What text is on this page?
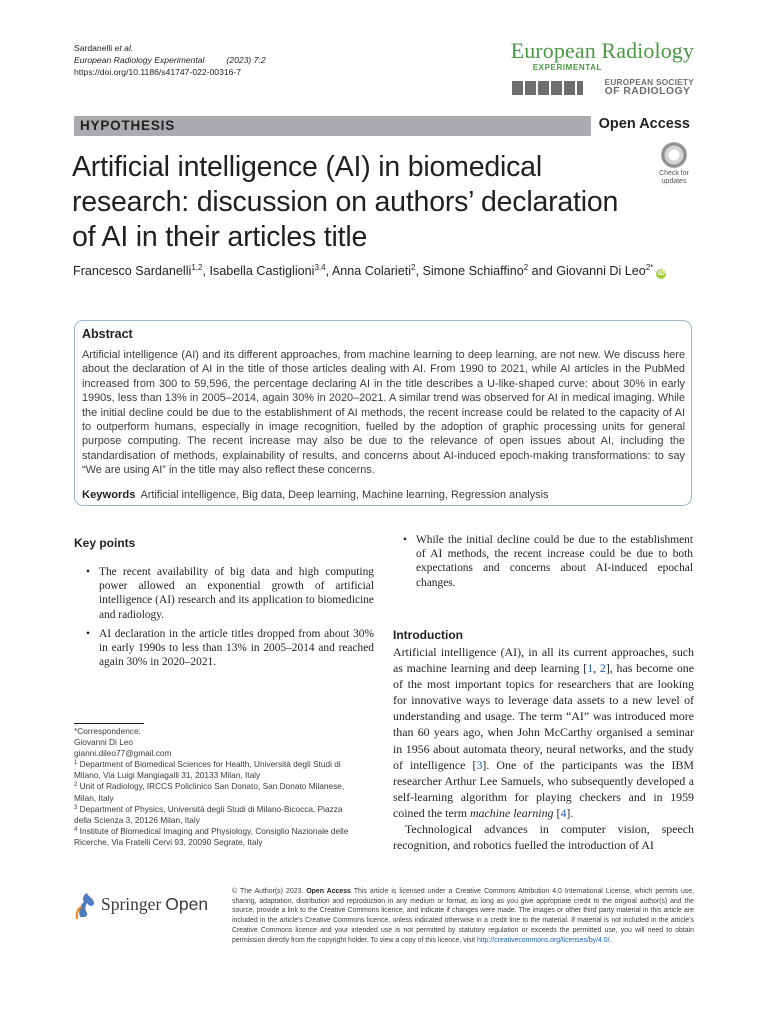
Sardanelli et al.
European Radiology Experimental	(2023) 7:2
https://doi.org/10.1186/s41747-022-00316-7
European Radiology
EXPERIMENTAL
EUROPEAN SOCIETY
OF RADIOLOGY
HYPOTHESIS	Open Access
Artificial intelligence (AI) in biomedical research: discussion on authors’ declaration of AI in their articles title
Check for
updates
Francesco Sardanelli$^{1,2}$, Isabella Castiglioni$^{3,4}$, Anna Colarieti$^2$, Simone Schiaffino$^2$ and Giovanni Di Leo$^{2*}$iD
Abstract
Artificial intelligence (AI) and its different approaches, from machine learning to deep learning, are not new. We discuss here about the declaration of AI in the title of those articles dealing with AI. From 1990 to 2021, while AI articles in the PubMed increased from 300 to 59,596, the percentage declaring AI in the title describes a U-like-shaped curve: about 30% in early 1990s, less than 13% in 2005–2014, again 30% in 2020–2021. A similar trend was observed for AI in medical imaging. While the initial decline could be due to the establishment of AI methods, the recent increase could be related to the capacity of AI to outperform humans, especially in image recognition, fuelled by the adoption of graphic processing units for general purpose computing. The recent increase may also be due to the relevance of open issues about AI, including the standardisation of methods, explainability of results, and concerns about AI-induced epoch-making transformations: to say “We are using AI” in the title may also reflect these concerns.
Keywords Artificial intelligence, Big data, Deep learning, Machine learning, Regression analysis
Key points
• The recent availability of big data and high computing power allowed an exponential growth of artificial intelligence (AI) research and its application to biomedicine and radiology.
• AI declaration in the article titles dropped from about 30% in early 1990s to less than 13% in 2005–2014 and reached again 30% in 2020–2021.
• While the initial decline could be due to the establishment of AI methods, the recent increase could be due to both expectations and concerns about AI-induced epochal changes.
*Correspondence:
Giovanni Di Leo
gianni.dileo77@gmail.com
$^1$ Department of Biomedical Sciences for Health, Università degli Studi di Milano, Via Luigi Mangiagalli 31, 20133 Milan, Italy
$^2$ Unit of Radiology, IRCCS Policlinico San Donato, San Donato Milanese, Milan, Italy
$^3$ Department of Physics, Università degli Studi di Milano-Bicocca, Piazza della Scienza 3, 20126 Milan, Italy
$^4$ Institute of Biomedical Imaging and Physiology, Consiglio Nazionale delle Ricerche, Via Fratelli Cervi 93, 20090 Segrate, Italy
Introduction
Artificial intelligence (AI), in all its current approaches, such as machine learning and deep learning [1, 2], has become one of the most important topics for researchers that are looking for innovative ways to leverage data assets to a new level of understanding and usage. The term “AI” was introduced more than 60 years ago, when John McCarthy organised a seminar in 1956 about automata theory, neural networks, and the study of intelligence [3]. One of the participants was the IBM researcher Arthur Lee Samuels, who subsequently developed a self-learning algorithm for playing checkers and in 1959 coined the term machine learning [4].
Technological advances in computer vision, speech recognition, and robotics fuelled the introduction of AI
Springer Open
© The Author(s) 2023. Open Access This article is licensed under a Creative Commons Attribution 4.0 International License, which permits use, sharing, adaptation, distribution and reproduction in any medium or format, as long as you give appropriate credit to the original author(s) and the source, provide a link to the Creative Commons licence, and indicate if changes were made. The images or other third party material in this article are included in the article’s Creative Commons licence, unless indicated otherwise in a credit line to the material. If material is not included in the article’s Creative Commons licence and your intended use is not permitted by statutory regulation or exceeds the permitted use, you will need to obtain permission directly from the copyright holder. To view a copy of this licence, visit http://creativecommons.org/licenses/by/4.0/.
